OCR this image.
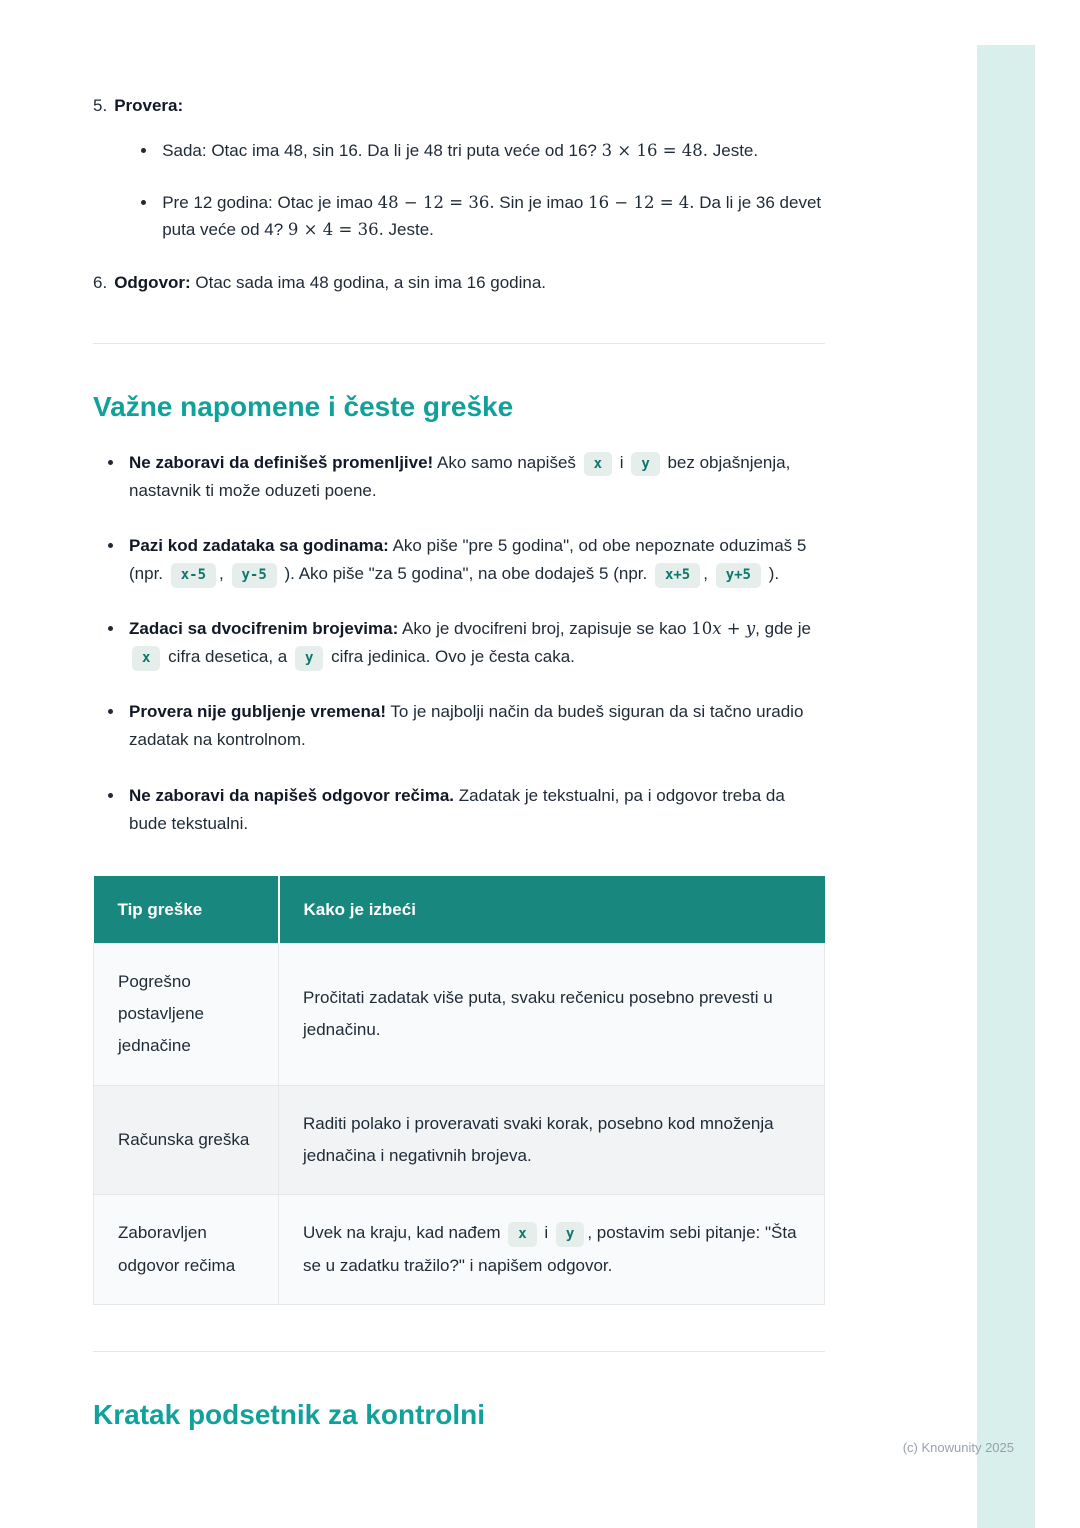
5. Provera:

• Sada: Otac ima 48, sin 16. Da li je 48 tri puta veće od 16? 3 × 16 = 48. Jeste.
• Pre 12 godina: Otac je imao 48 − 12 = 36. Sin je imao 16 − 12 = 4. Da li je 36 devet puta veće od 4? 9 × 4 = 36. Jeste.
6. Odgovor: Otac sada ima 48 godina, a sin ima 16 godina.

Važne napomene i česte greške
• Ne zaboravi da definišeš promenljive! Ako samo napišeš x i y bez objašnjenja, nastavnik ti može oduzeti poene.
• Pazi kod zadataka sa godinama: Ako piše "pre 5 godina", od obe nepoznate oduzimaš 5 (npr. x-5 , y-5 ). Ako piše "za 5 godina", na obe dodaješ 5 (npr. x+5 , y+5 ).
• Zadaci sa dvocifrenim brojevima: Ako je dvocifreni broj, zapisuje se kao 10x + y, gde je x cifra desetica, a y cifra jedinica. Ovo je česta caka.
• Provera nije gubljenje vremena! To je najbolji način da budeš siguran da si tačno uradio zadatak na kontrolnom.
• Ne zaboravi da napišeš odgovor rečima. Zadatak je tekstualni, pa i odgovor treba da bude tekstualni.
Tip greške	Kako je izbeći
Pogrešno postavljene jednačine	Pročitati zadatak više puta, svaku rečenicu posebno prevesti u jednačinu.
Računska greška	Raditi polako i proveravati svaki korak, posebno kod množenja jednačina i negativnih brojeva.
Zaboravljen odgovor rečima	Uvek na kraju, kad nađem x i y , postavim sebi pitanje: "Šta se u zadatku tražilo?" i napišem odgovor.
Kratak podsetnik za kontrolni
(c) Knowunity 2025
